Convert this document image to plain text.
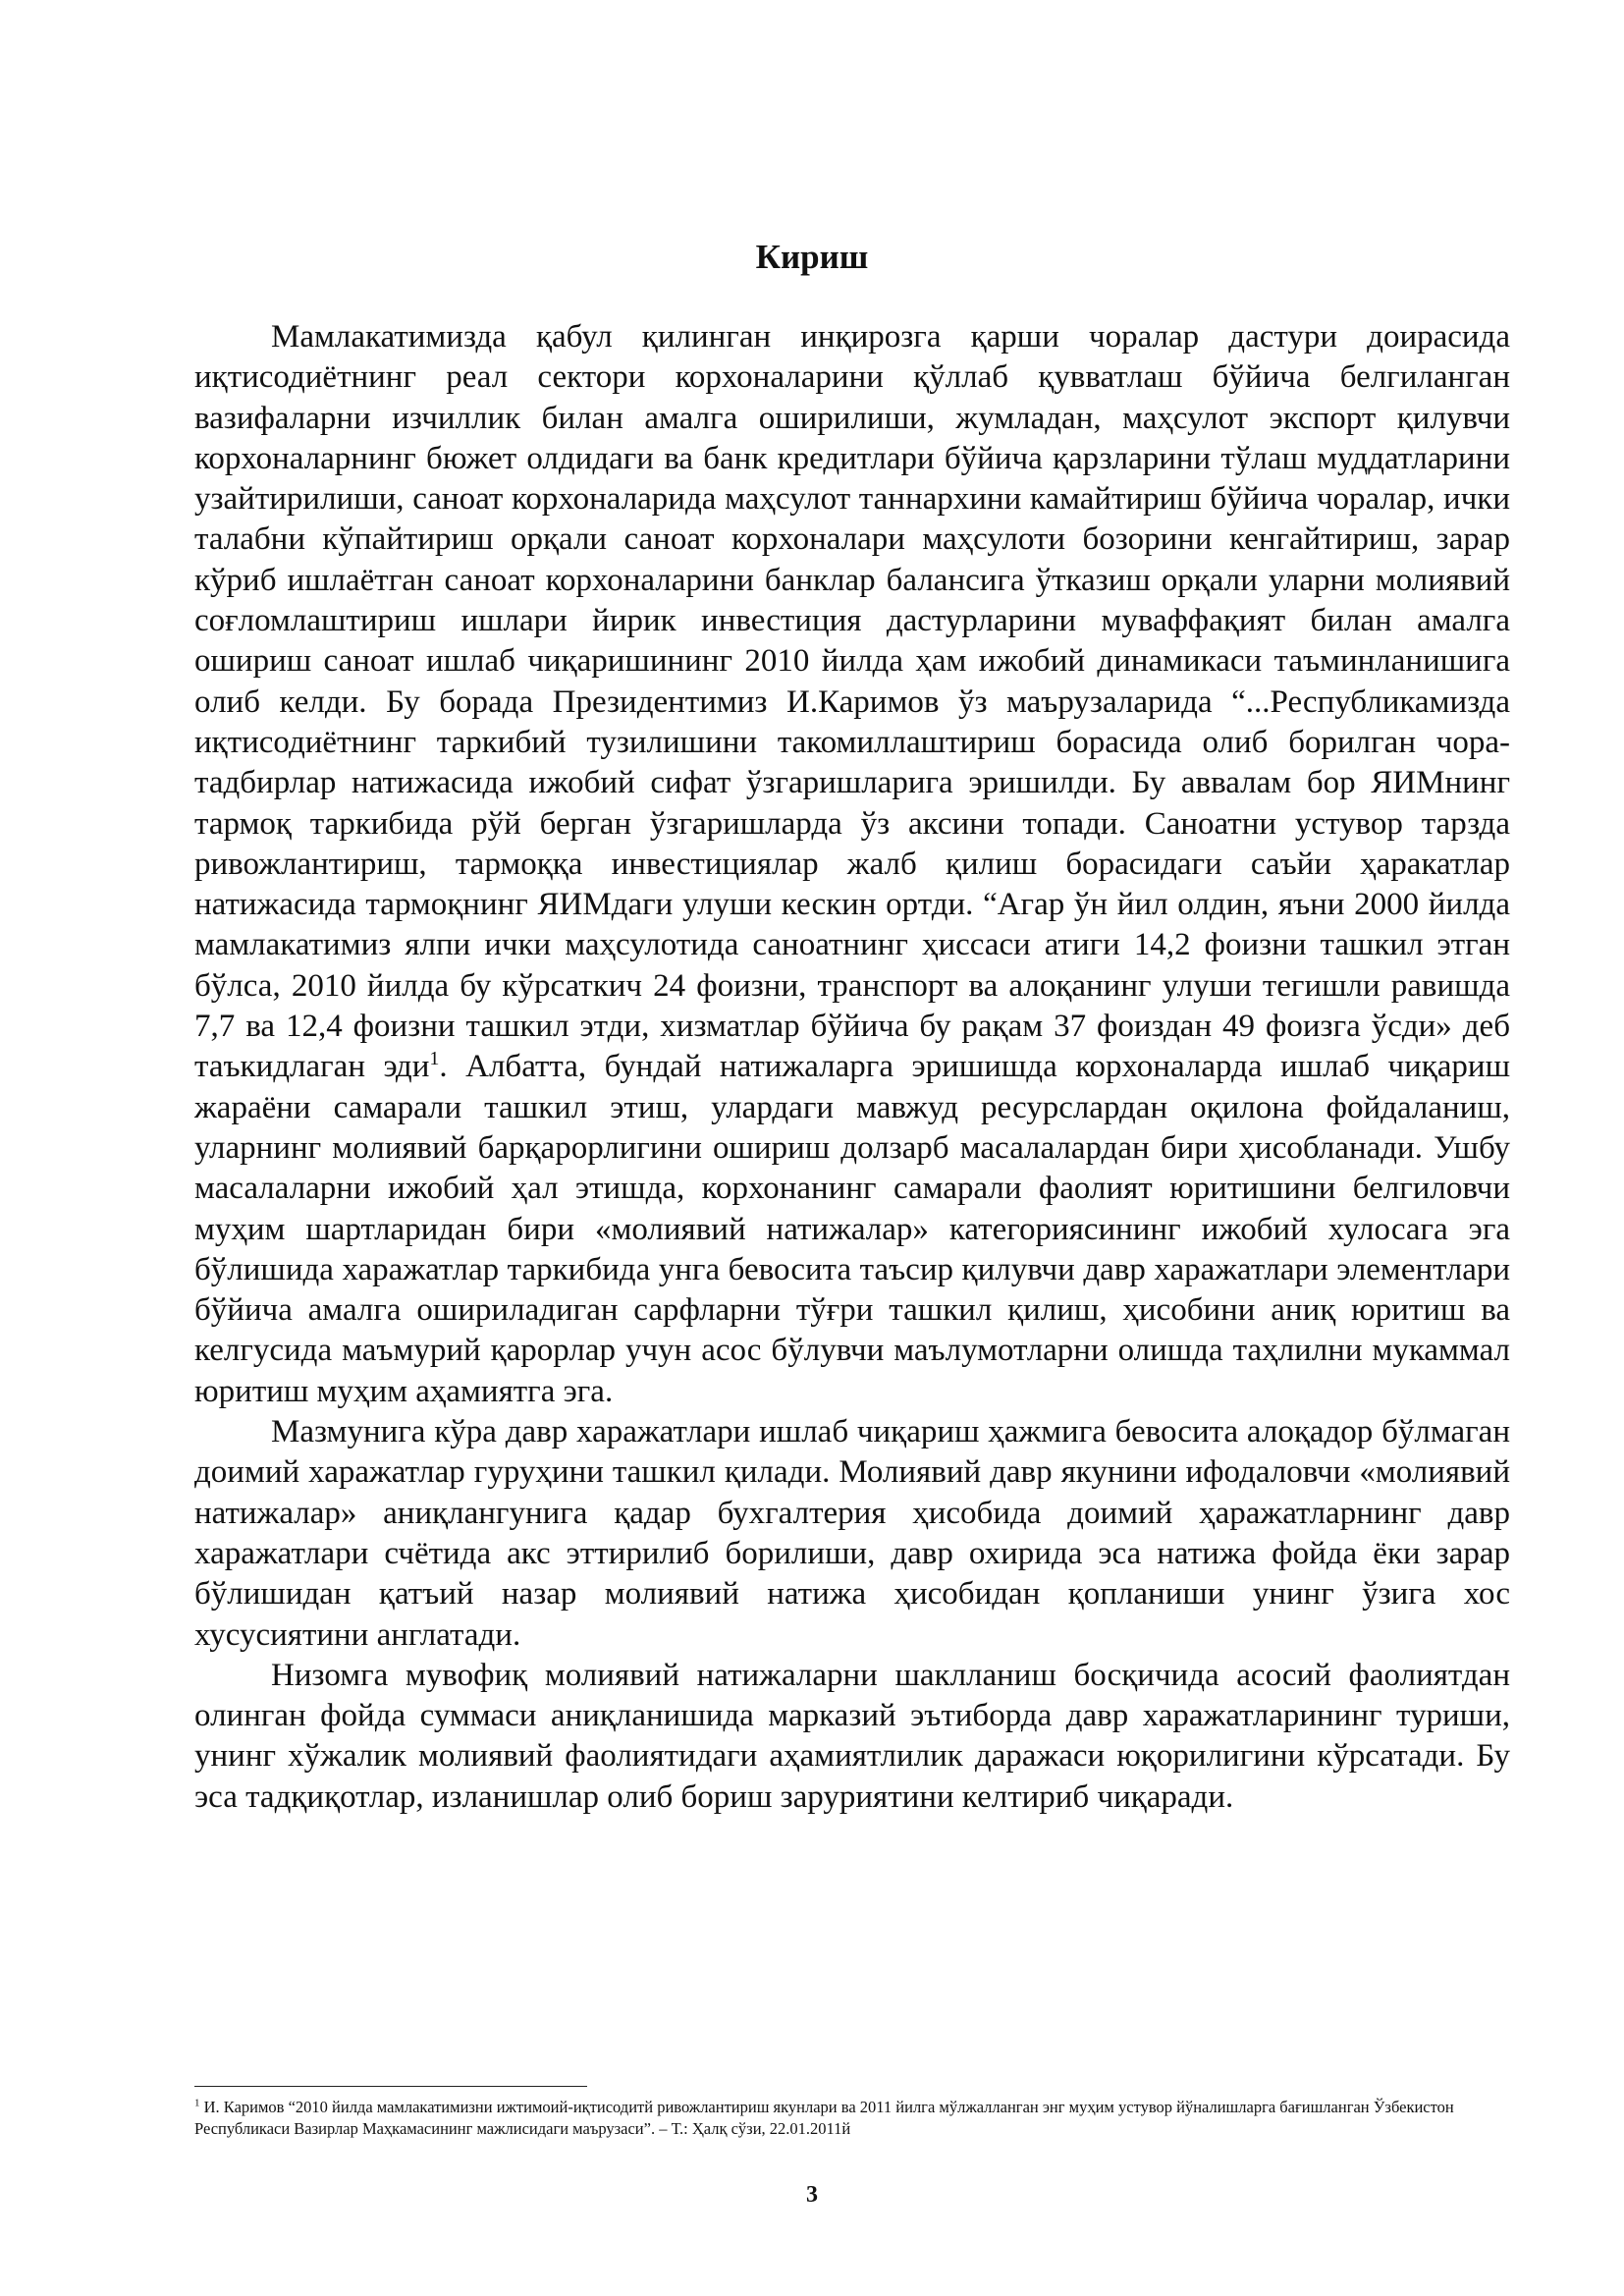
Кириш

Мамлакатимизда қабул қилинган инқирозга қарши чоралар дастури доирасида иқтисодиётнинг реал сектори корхоналарини қўллаб қувватлаш бўйича белгиланган вазифаларни изчиллик билан амалга оширилиши, жумладан, маҳсулот экспорт қилувчи корхоналарнинг бюжет олдидаги ва банк кредитлари бўйича қарзларини тўлаш муддатларини узайтирилиши, саноат корхоналарида маҳсулот таннархини камайтириш бўйича чоралар, ички талабни кўпайтириш орқали саноат корхоналари маҳсулоти бозорини кенгайтириш, зарар кўриб ишлаётган саноат корхоналарини банклар балансига ўтказиш орқали уларни молиявий соғломлаштириш ишлари йирик инвестиция дастурларини муваффақият билан амалга ошириш саноат ишлаб чиқаришининг 2010 йилда ҳам ижобий динамикаси таъминланишига олиб келди. Бу борада Президентимиз И.Каримов ўз маърузаларида “...Республикамизда иқтисодиётнинг таркибий тузилишини такомиллаштириш борасида олиб борилган чора-тадбирлар натижасида ижобий сифат ўзгаришларига эришилди. Бу аввалам бор ЯИМнинг тармоқ таркибида рўй берган ўзгаришларда ўз аксини топади. Саноатни устувор тарзда ривожлантириш, тармоққа инвестициялар жалб қилиш борасидаги саъйи ҳаракатлар натижасида тармоқнинг ЯИМдаги улуши кескин ортди. “Агар ўн йил олдин, яъни 2000 йилда мамлакатимиз ялпи ички маҳсулотида саноатнинг ҳиссаси атиги 14,2 фоизни ташкил этган бўлса, 2010 йилда бу кўрсаткич 24 фоизни, транспорт ва алоқанинг улуши тегишли равишда 7,7 ва 12,4 фоизни ташкил этди, хизматлар бўйича бу рақам 37 фоиздан 49 фоизга ўсди» деб таъкидлаган эди$^1$. Албатта, бундай натижаларга эришишда корхоналарда ишлаб чиқариш жараёни самарали ташкил этиш, улардаги мавжуд ресурслардан оқилона фойдаланиш, уларнинг молиявий барқарорлигини ошириш долзарб масалалардан бири ҳисобланади. Ушбу масалаларни ижобий ҳал этишда, корхонанинг самарали фаолият юритишини белгиловчи муҳим шартларидан бири «молиявий натижалар» категориясининг ижобий хулосага эга бўлишида харажатлар таркибида унга бевосита таъсир қилувчи давр харажатлари элементлари бўйича амалга ошириладиган сарфларни тўғри ташкил қилиш, ҳисобини аниқ юритиш ва келгусида маъмурий қарорлар учун асос бўлувчи маълумотларни олишда таҳлилни мукаммал юритиш муҳим аҳамиятга эга.

Мазмунига кўра давр харажатлари ишлаб чиқариш ҳажмига бевосита алоқадор бўлмаган доимий харажатлар гуруҳини ташкил қилади. Молиявий давр якунини ифодаловчи «молиявий натижалар» аниқлангунига қадар бухгалтерия ҳисобида доимий ҳаражатларнинг давр харажатлари счётида акс эттирилиб борилиши, давр охирида эса натижа фойда ёки зарар бўлишидан қатъий назар молиявий натижа ҳисобидан қопланиши унинг ўзига хос хусусиятини англатади.

Низомга мувофиқ молиявий натижаларни шаклланиш босқичида асосий фаолиятдан олинган фойда суммаси аниқланишида марказий эътиборда давр харажатларининг туриши, унинг хўжалик молиявий фаолиятидаги аҳамиятлилик даражаси юқорилигини кўрсатади. Бу эса тадқиқотлар, изланишлар олиб бориш заруриятини келтириб чиқаради.

$^1$ И. Каримов “2010 йилда мамлакатимизни ижтимоий-иқтисодитй ривожлантириш якунлари ва 2011 йилга мўлжалланган энг муҳим устувор йўналишларга бағишланган Ўзбекистон Республикаси Вазирлар Маҳкамасининг мажлисидаги маърузаси”. – Т.: Ҳалқ сўзи, 22.01.2011й

3
